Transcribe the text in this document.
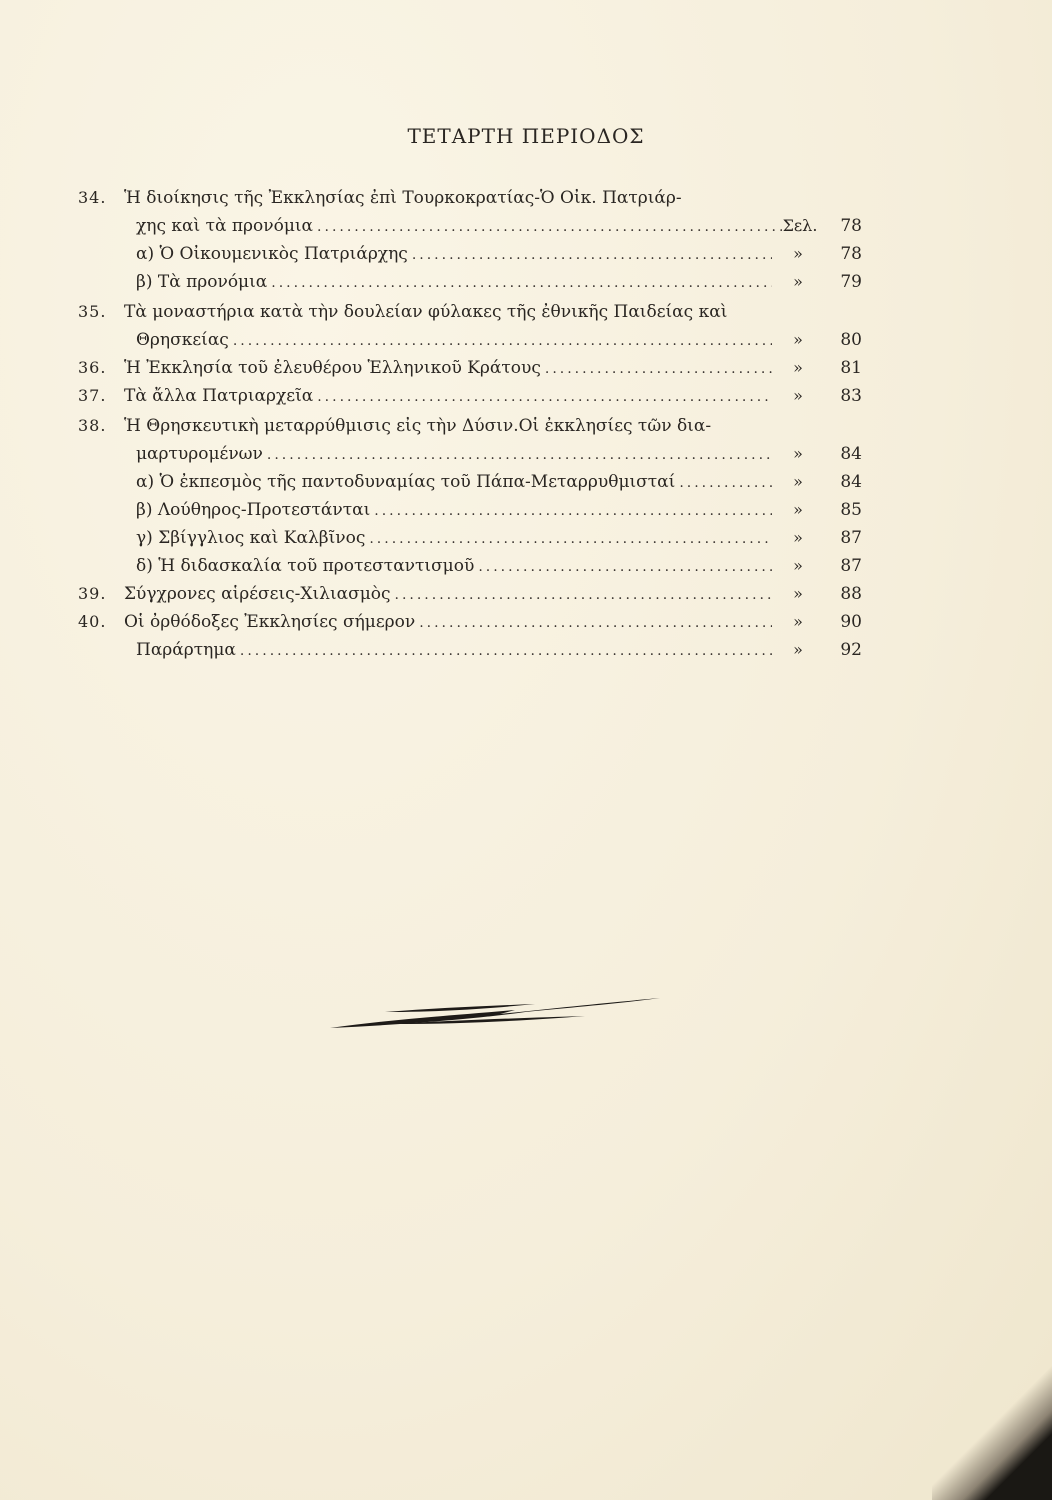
ΤΕΤΑΡΤΗ ΠΕΡΙΟΔΟΣ
34. Ἡ διοίκησις τῆς Ἐκκλησίας ἐπὶ Τουρκοκρατίας-Ὁ Οἰκ. Πατριάρ-
χης καὶ τὰ προνόμια .....	Σελ.	78
α) Ὁ Οἰκουμενικὸς Πατριάρχης .....	»	78
β) Τὰ προνόμια .....	»	79
35. Τὰ μοναστήρια κατὰ τὴν δουλείαν φύλακες τῆς ἐθνικῆς Παιδείας καὶ
Θρησκείας .....	»	80
36. Ἡ Ἐκκλησία τοῦ ἐλευθέρου Ἑλληνικοῦ Κράτους .....	»	81
37. Τὰ ἄλλα Πατριαρχεῖα .....	»	83
38. Ἡ Θρησκευτικὴ μεταρρύθμισις εἰς τὴν Δύσιν.Οἱ ἐκκλησίες τῶν δια-
μαρτυρομένων .....	»	84
α) Ὁ ἐκπεσμὸς τῆς παντοδυναμίας τοῦ Πάπα-Μεταρρυθμισταί .....	»	84
β) Λούθηρος-Προτεστάνται .....	»	85
γ) Σβίγγλιος καὶ Καλβῖνος .....	»	87
δ) Ἡ διδασκαλία τοῦ προτεσταντισμοῦ .....	»	87
39. Σύγχρονες αἱρέσεις-Χιλιασμὸς .....	»	88
40. Οἱ ὀρθόδοξες Ἐκκλησίες σήμερον .....	»	90
Παράρτημα .....	»	92
